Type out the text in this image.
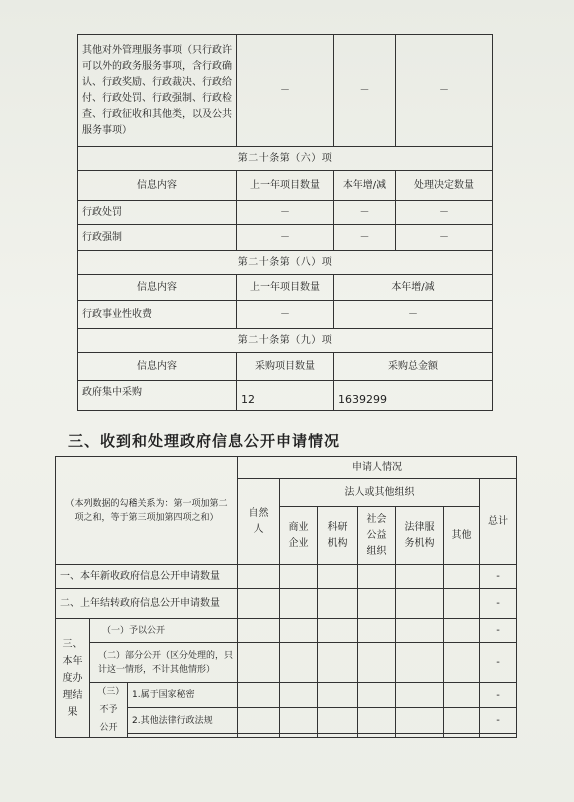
其他对外管理服务事项（只行政许可以外的政务服务事项，含行政确认、行政奖励、行政裁决、行政给付、行政处罚、行政强制、行政检查、行政征收和其他类，以及公共服务事项）	－	－	－
第二十条第（六）项			
信息内容	上一年项目数量	本年增/减	处理决定数量
行政处罚	－	－	－
行政强制	－	－	－
第二十条第（八）项			
信息内容	上一年项目数量	本年增/减	
行政事业性收费	－	－	
第二十条第（九）项			
信息内容	采购项目数量	采购总金额	
政府集中采购	12	1639299	
三、收到和处理政府信息公开申请情况
（本列数据的勾稽关系为：第一项加第二项之和，等于第三项加第四项之和）			申请人情况						
			自然人	法人或其他组织					总计
				商业企业	科研机构	社会公益组织	法律服务机构	其他	
一、本年新收政府信息公开申请数量									-
二、上年结转政府信息公开申请数量									-
三、本年度办理结果	（一）予以公开								-
	（二）部分公开（区分处理的，只计这一情形，不计其他情形）								-
	（三）不予公开	1.属于国家秘密							-
		2.其他法律行政法规							-
